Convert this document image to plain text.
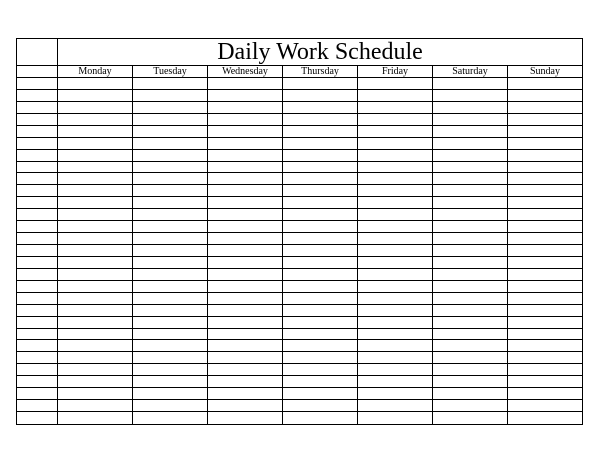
Daily Work Schedule
Monday	Tuesday	Wednesday	Thursday	Friday	Saturday	Sunday
